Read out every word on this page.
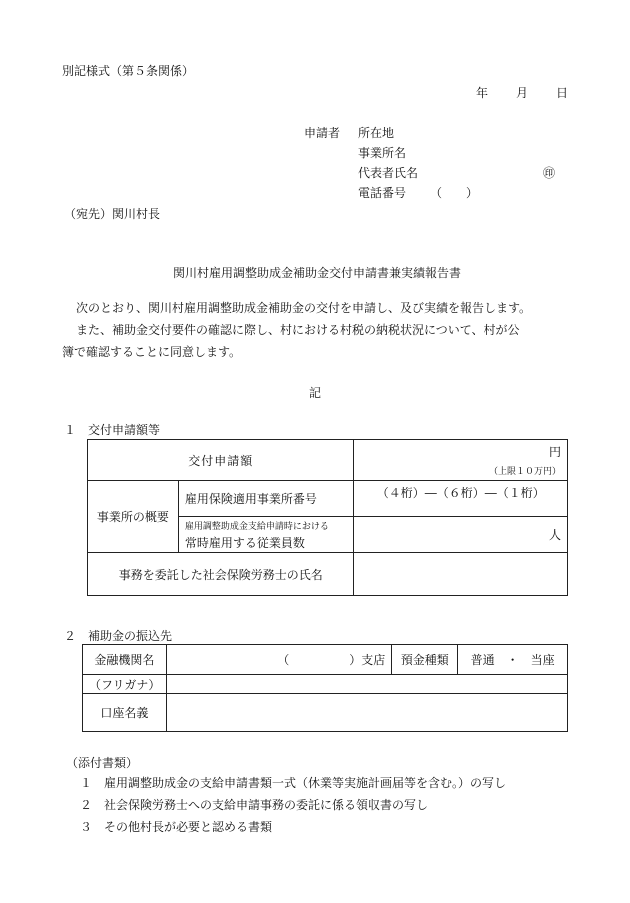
別記様式（第５条関係）
年 月 日
申請者 所在地
事業所名
代表者氏名	㊞
電話番号 （　　）
（宛先）関川村長
関川村雇用調整助成金補助金交付申請書兼実績報告書
次のとおり、関川村雇用調整助成金補助金の交付を申請し、及び実績を報告します。
また、補助金交付要件の確認に際し、村における村税の納税状況について、村が公
簿で確認することに同意します。
記
１　交付申請額等
交付申請額		円
（上限１０万円）

事業所の概要	雇用保険適用事業所番号	（４桁）―（６桁）―（１桁）

	雇用調整助成金支給申請時における
常時雇用する従業員数	人
事務を委託した社会保険労務士の氏名		
２　補助金の振込先
金融機関名	（　　　　　）支店	預金種類	普通　・　当座
（フリガナ）			
口座名義			
（添付書類）
１　雇用調整助成金の支給申請書類一式（休業等実施計画届等を含む。）の写し
２　社会保険労務士への支給申請事務の委託に係る領収書の写し
３　その他村長が必要と認める書類
